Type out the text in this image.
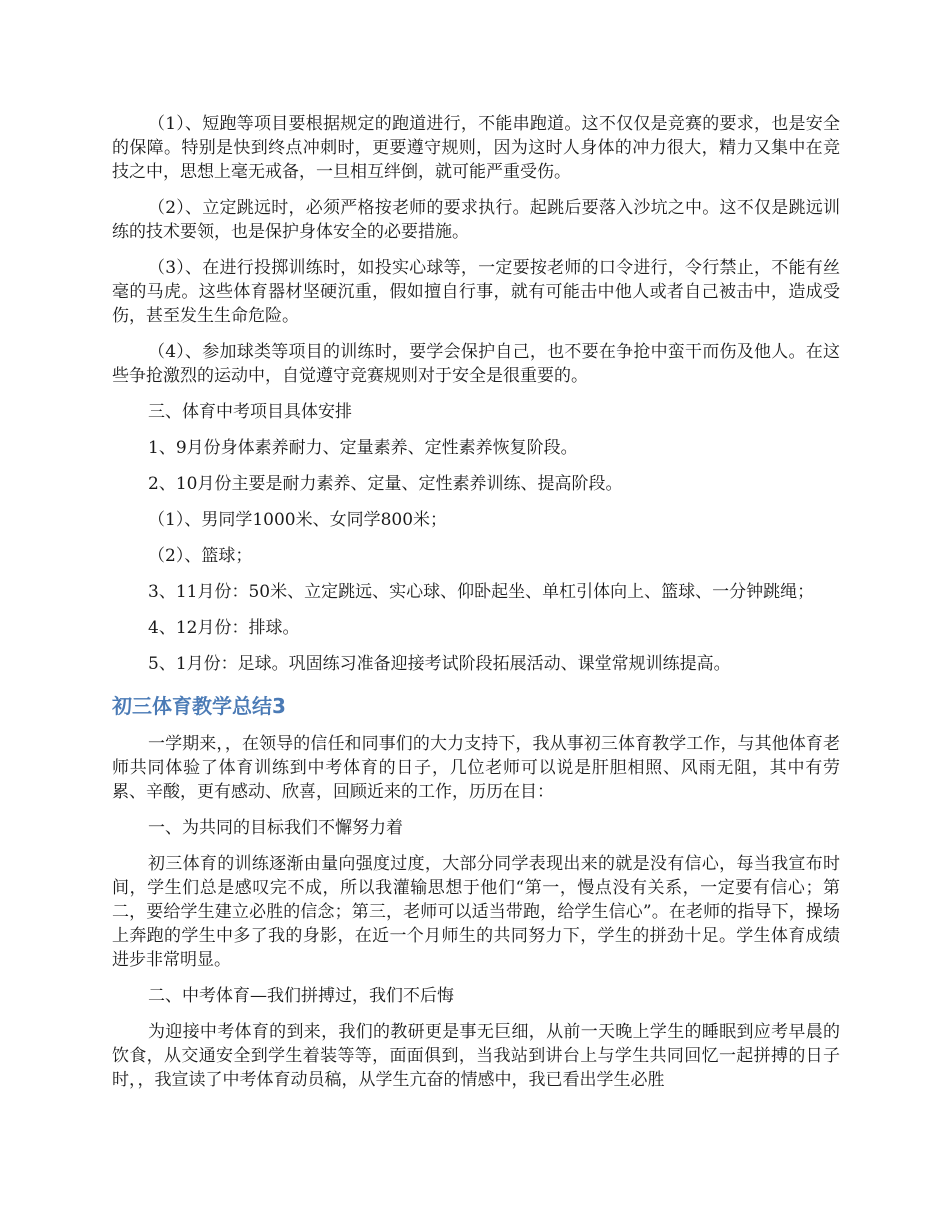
（1）、短跑等项目要根据规定的跑道进行，不能串跑道。这不仅仅是竞赛的要求，也是安全的保障。特别是快到终点冲刺时，更要遵守规则，因为这时人身体的冲力很大，精力又集中在竞技之中，思想上毫无戒备，一旦相互绊倒，就可能严重受伤。

（2）、立定跳远时，必须严格按老师的要求执行。起跳后要落入沙坑之中。这不仅是跳远训练的技术要领，也是保护身体安全的必要措施。

（3）、在进行投掷训练时，如投实心球等，一定要按老师的口令进行，令行禁止，不能有丝毫的马虎。这些体育器材坚硬沉重，假如擅自行事，就有可能击中他人或者自己被击中，造成受伤，甚至发生生命危险。

（4）、参加球类等项目的训练时，要学会保护自己，也不要在争抢中蛮干而伤及他人。在这些争抢激烈的运动中，自觉遵守竞赛规则对于安全是很重要的。

三、体育中考项目具体安排

1、9月份身体素养耐力、定量素养、定性素养恢复阶段。

2、10月份主要是耐力素养、定量、定性素养训练、提高阶段。

（1）、男同学1000米、女同学800米；

（2）、篮球；

3、11月份：50米、立定跳远、实心球、仰卧起坐、单杠引体向上、篮球、一分钟跳绳；

4、12月份：排球。

5、1月份：足球。巩固练习准备迎接考试阶段拓展活动、课堂常规训练提高。

初三体育教学总结3

一学期来，，在领导的信任和同事们的大力支持下，我从事初三体育教学工作，与其他体育老师共同体验了体育训练到中考体育的日子，几位老师可以说是肝胆相照、风雨无阻，其中有劳累、辛酸，更有感动、欣喜，回顾近来的工作，历历在目：

一、为共同的目标我们不懈努力着

初三体育的训练逐渐由量向强度过度，大部分同学表现出来的就是没有信心，每当我宣布时间，学生们总是感叹完不成，所以我灌输思想于他们“第一，慢点没有关系，一定要有信心；第二，要给学生建立必胜的信念；第三，老师可以适当带跑，给学生信心”。在老师的指导下，操场上奔跑的学生中多了我的身影，在近一个月师生的共同努力下，学生的拼劲十足。学生体育成绩进步非常明显。

二、中考体育—我们拼搏过，我们不后悔

为迎接中考体育的到来，我们的教研更是事无巨细，从前一天晚上学生的睡眠到应考早晨的饮食，从交通安全到学生着装等等，面面俱到，当我站到讲台上与学生共同回忆一起拼搏的日子时，，我宣读了中考体育动员稿，从学生亢奋的情感中，我已看出学生必胜
